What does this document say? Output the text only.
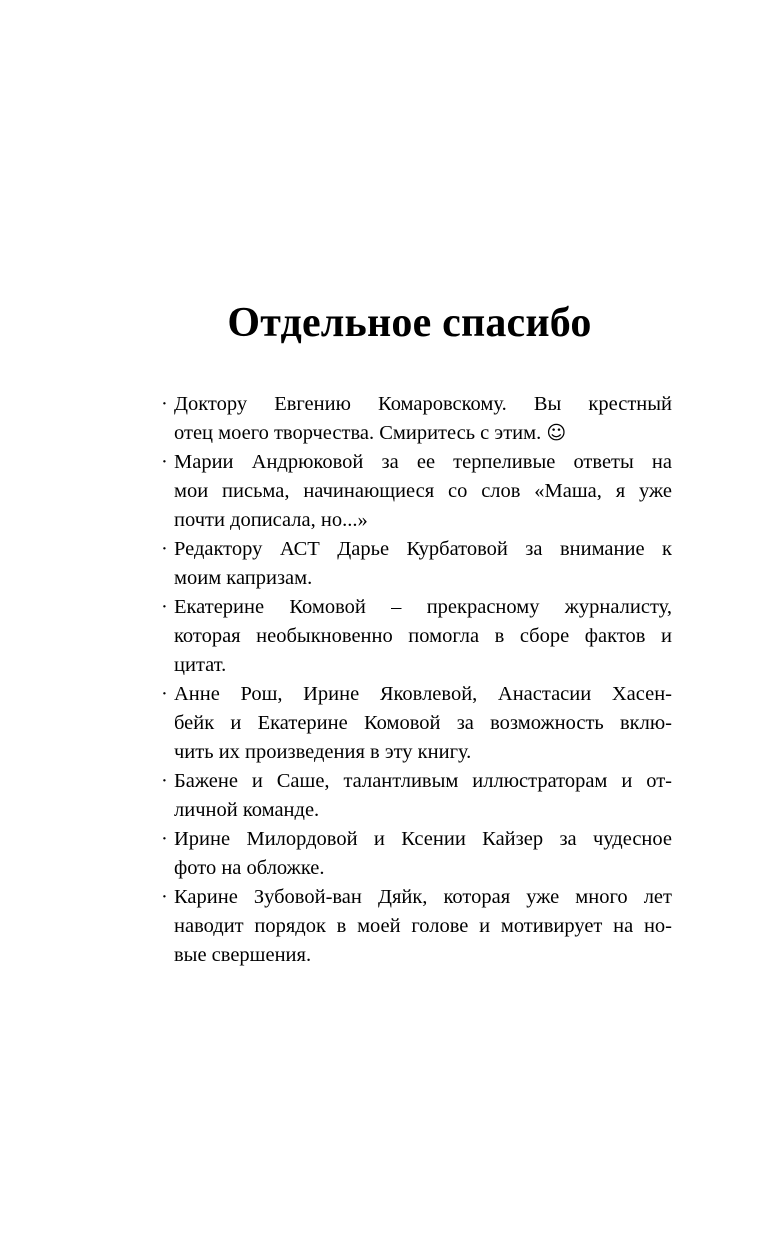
Отдельное спасибо
· Доктору Евгению Комаровскому. Вы крестный
отец моего творчества. Смиритесь с этим. ☺
· Марии Андрюковой за ее терпеливые ответы на
мои письма, начинающиеся со слов «Маша, я уже
почти дописала, но...»
· Редактору АСТ Дарье Курбатовой за внимание к
моим капризам.
· Екатерине Комовой – прекрасному журналисту,
которая необыкновенно помогла в сборе фактов и
цитат.
· Анне Рош, Ирине Яковлевой, Анастасии Хасен-
бейк и Екатерине Комовой за возможность вклю-
чить их произведения в эту книгу.
· Бажене и Саше, талантливым иллюстраторам и от-
личной команде.
· Ирине Милордовой и Ксении Кайзер за чудесное
фото на обложке.
· Карине Зубовой-ван Дяйк, которая уже много лет
наводит порядок в моей голове и мотивирует на но-
вые свершения.
